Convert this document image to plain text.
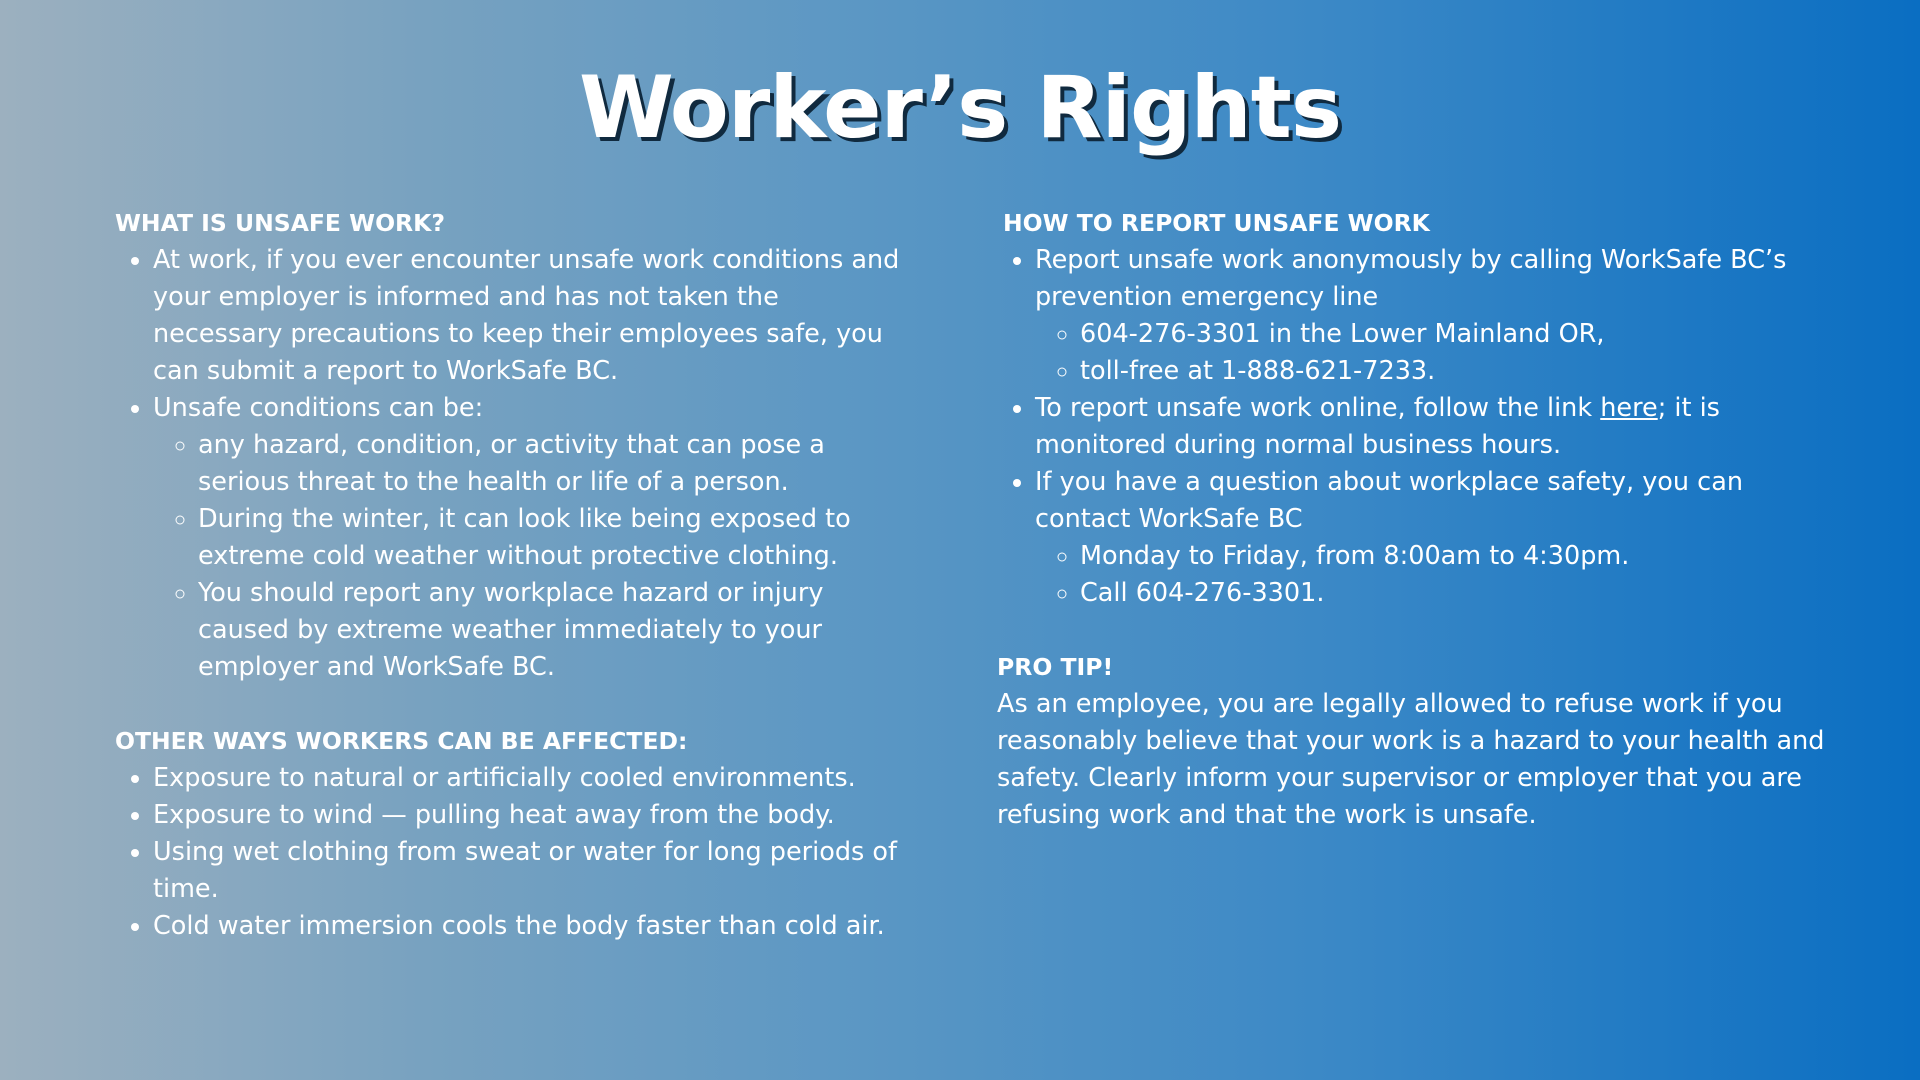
Worker’s Rights
WHAT IS UNSAFE WORK?
• At work, if you ever encounter unsafe work conditions and your employer is informed and has not taken the necessary precautions to keep their employees safe, you can submit a report to WorkSafe BC.
• Unsafe conditions can be:
◦ any hazard, condition, or activity that can pose a serious threat to the health or life of a person.
◦ During the winter, it can look like being exposed to extreme cold weather without protective clothing.
◦ You should report any workplace hazard or injury caused by extreme weather immediately to your employer and WorkSafe BC.
OTHER WAYS WORKERS CAN BE AFFECTED:
• Exposure to natural or artificially cooled environments.
• Exposure to wind — pulling heat away from the body.
• Using wet clothing from sweat or water for long periods of time.
• Cold water immersion cools the body faster than cold air.
HOW TO REPORT UNSAFE WORK
• Report unsafe work anonymously by calling WorkSafe BC’s prevention emergency line
◦ 604-276-3301 in the Lower Mainland OR,
◦ toll-free at 1-888-621-7233.
• To report unsafe work online, follow the link here; it is monitored during normal business hours.
• If you have a question about workplace safety, you can contact WorkSafe BC
◦ Monday to Friday, from 8:00am to 4:30pm.
◦ Call 604-276-3301.
PRO TIP!

As an employee, you are legally allowed to refuse work if you reasonably believe that your work is a hazard to your health and safety. Clearly inform your supervisor or employer that you are refusing work and that the work is unsafe.
